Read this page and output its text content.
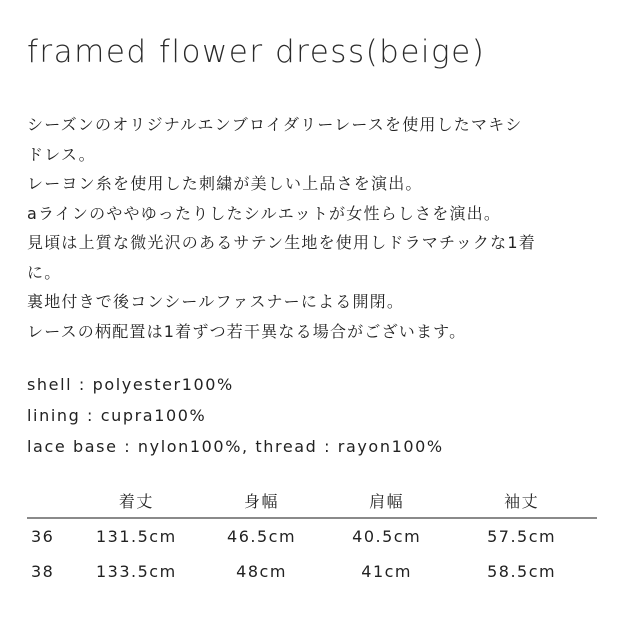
framed flower dress(beige)
シーズンのオリジナルエンブロイダリーレースを使用したマキシ
ドレス。
レーヨン糸を使用した刺繍が美しい上品さを演出。
aラインのややゆったりしたシルエットが女性らしさを演出。
見頃は上質な微光沢のあるサテン生地を使用しドラマチックな1着
に。
裏地付きで後コンシールファスナーによる開閉。
レースの柄配置は1着ずつ若干異なる場合がございます。
shell : polyester100%
lining : cupra100%
lace base : nylon100%, thread : rayon100%
	着丈	身幅	肩幅	袖丈
36	131.5cm	46.5cm	40.5cm	57.5cm
38	133.5cm	48cm	41cm	58.5cm
